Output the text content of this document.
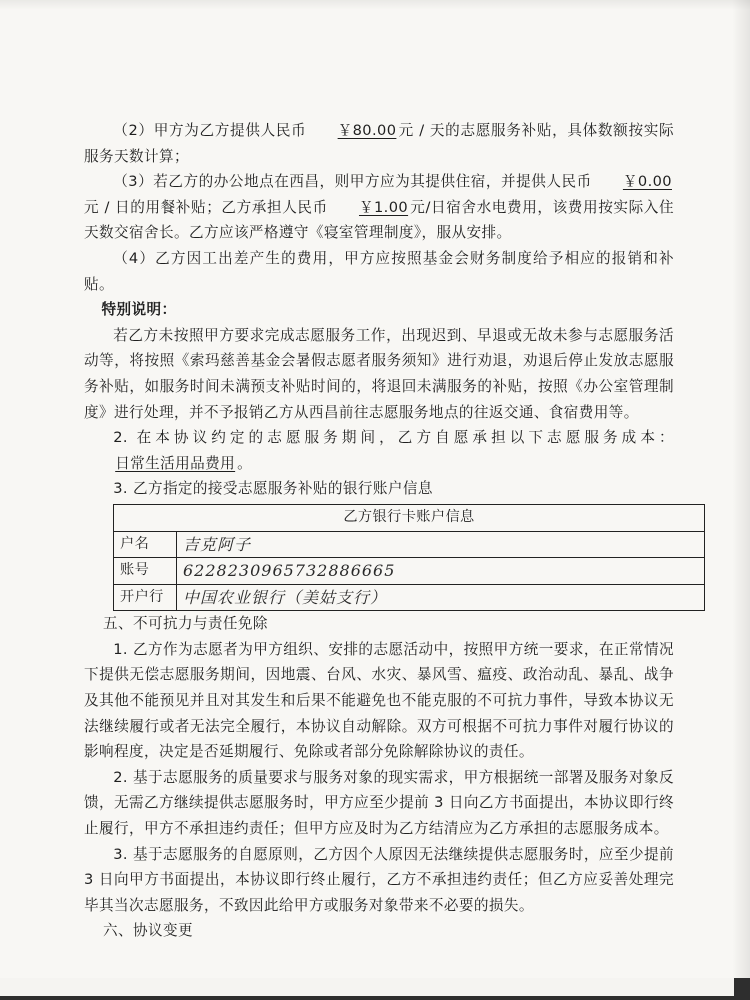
（2）甲方为乙方提供人民币 ￥80.00 元 / 天的志愿服务补贴，具体数额按实际服务天数计算；

（3）若乙方的办公地点在西昌，则甲方应为其提供住宿，并提供人民币 ￥0.00元 / 日的用餐补贴；乙方承担人民币 ￥1.00 元/日宿舍水电费用，该费用按实际入住天数交宿舍长。乙方应该严格遵守《寝室管理制度》，服从安排。

（4）乙方因工出差产生的费用，甲方应按照基金会财务制度给予相应的报销和补贴。

特别说明：

若乙方未按照甲方要求完成志愿服务工作，出现迟到、早退或无故未参与志愿服务活动等，将按照《索玛慈善基金会暑假志愿者服务须知》进行劝退，劝退后停止发放志愿服务补贴，如服务时间未满预支补贴时间的，将退回未满服务的补贴，按照《办公室管理制度》进行处理，并不予报销乙方从西昌前往志愿服务地点的往返交通、食宿费用等。

2. 在本协议约定的志愿服务期间，乙方自愿承担以下志愿服务成本：日常生活用品费用 。

3. 乙方指定的接受志愿服务补贴的银行账户信息

乙方银行卡账户信息	
户名	吉克阿子
账号	6228230965732886665
开户行	中国农业银行（美姑支行）

五、不可抗力与责任免除

1. 乙方作为志愿者为甲方组织、安排的志愿活动中，按照甲方统一要求，在正常情况下提供无偿志愿服务期间，因地震、台风、水灾、暴风雪、瘟疫、政治动乱、暴乱、战争及其他不能预见并且对其发生和后果不能避免也不能克服的不可抗力事件，导致本协议无法继续履行或者无法完全履行，本协议自动解除。双方可根据不可抗力事件对履行协议的影响程度，决定是否延期履行、免除或者部分免除解除协议的责任。

2. 基于志愿服务的质量要求与服务对象的现实需求，甲方根据统一部署及服务对象反馈，无需乙方继续提供志愿服务时，甲方应至少提前 3 日向乙方书面提出，本协议即行终止履行，甲方不承担违约责任；但甲方应及时为乙方结清应为乙方承担的志愿服务成本。

3. 基于志愿服务的自愿原则，乙方因个人原因无法继续提供志愿服务时，应至少提前 3 日向甲方书面提出，本协议即行终止履行，乙方不承担违约责任；但乙方应妥善处理完毕其当次志愿服务，不致因此给甲方或服务对象带来不必要的损失。

六、协议变更
